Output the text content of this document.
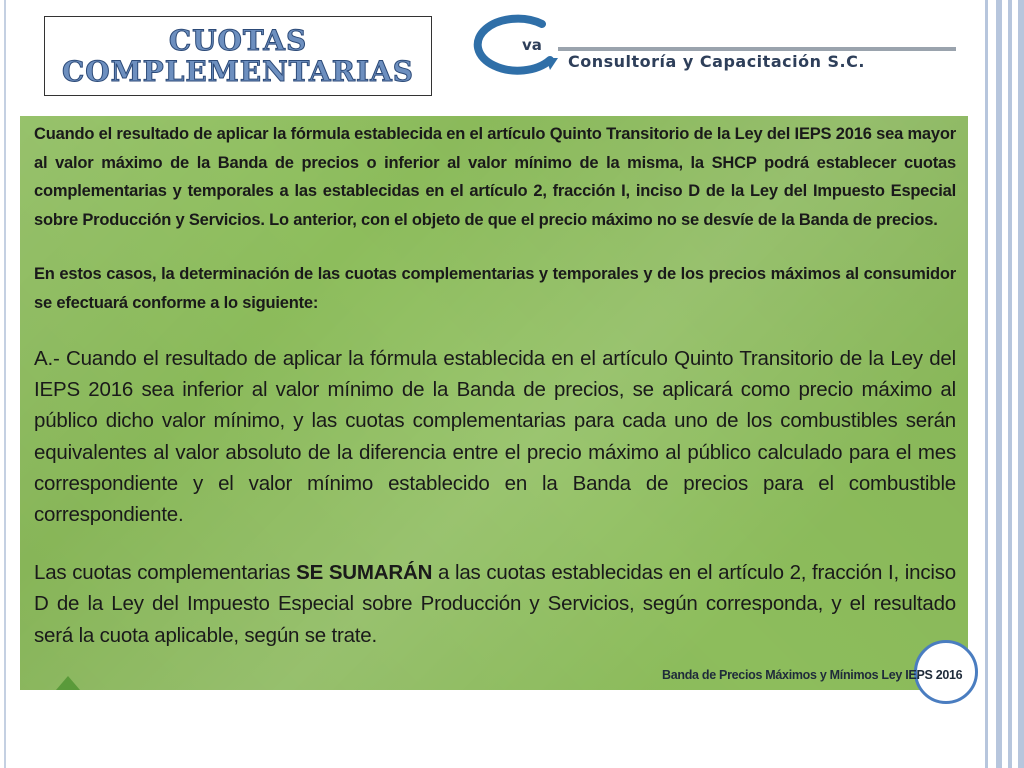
CUOTAS
COMPLEMENTARIAS
va
Consultoría y Capacitación S.C.

Cuando el resultado de aplicar la fórmula establecida en el artículo Quinto Transitorio de la Ley del IEPS 2016 sea mayor al valor máximo de la Banda de precios o inferior al valor mínimo de la misma, la SHCP podrá establecer cuotas complementarias y temporales a las establecidas en el artículo 2, fracción I, inciso D de la Ley del Impuesto Especial sobre Producción y Servicios. Lo anterior, con el objeto de que el precio máximo no se desvíe de la Banda de precios.

En estos casos, la determinación de las cuotas complementarias y temporales y de los precios máximos al consumidor se efectuará conforme a lo siguiente:

A.- Cuando el resultado de aplicar la fórmula establecida en el artículo Quinto Transitorio de la Ley del IEPS 2016 sea inferior al valor mínimo de la Banda de precios, se aplicará como precio máximo al público dicho valor mínimo, y las cuotas complementarias para cada uno de los combustibles serán equivalentes al valor absoluto de la diferencia entre el precio máximo al público calculado para el mes correspondiente y el valor mínimo establecido en la Banda de precios para el combustible correspondiente.

Las cuotas complementarias SE SUMARÁN a las cuotas establecidas en el artículo 2, fracción I, inciso D de la Ley del Impuesto Especial sobre Producción y Servicios, según corresponda, y el resultado será la cuota aplicable, según se trate.

Banda de Precios Máximos y Mínimos Ley IEPS 2016
